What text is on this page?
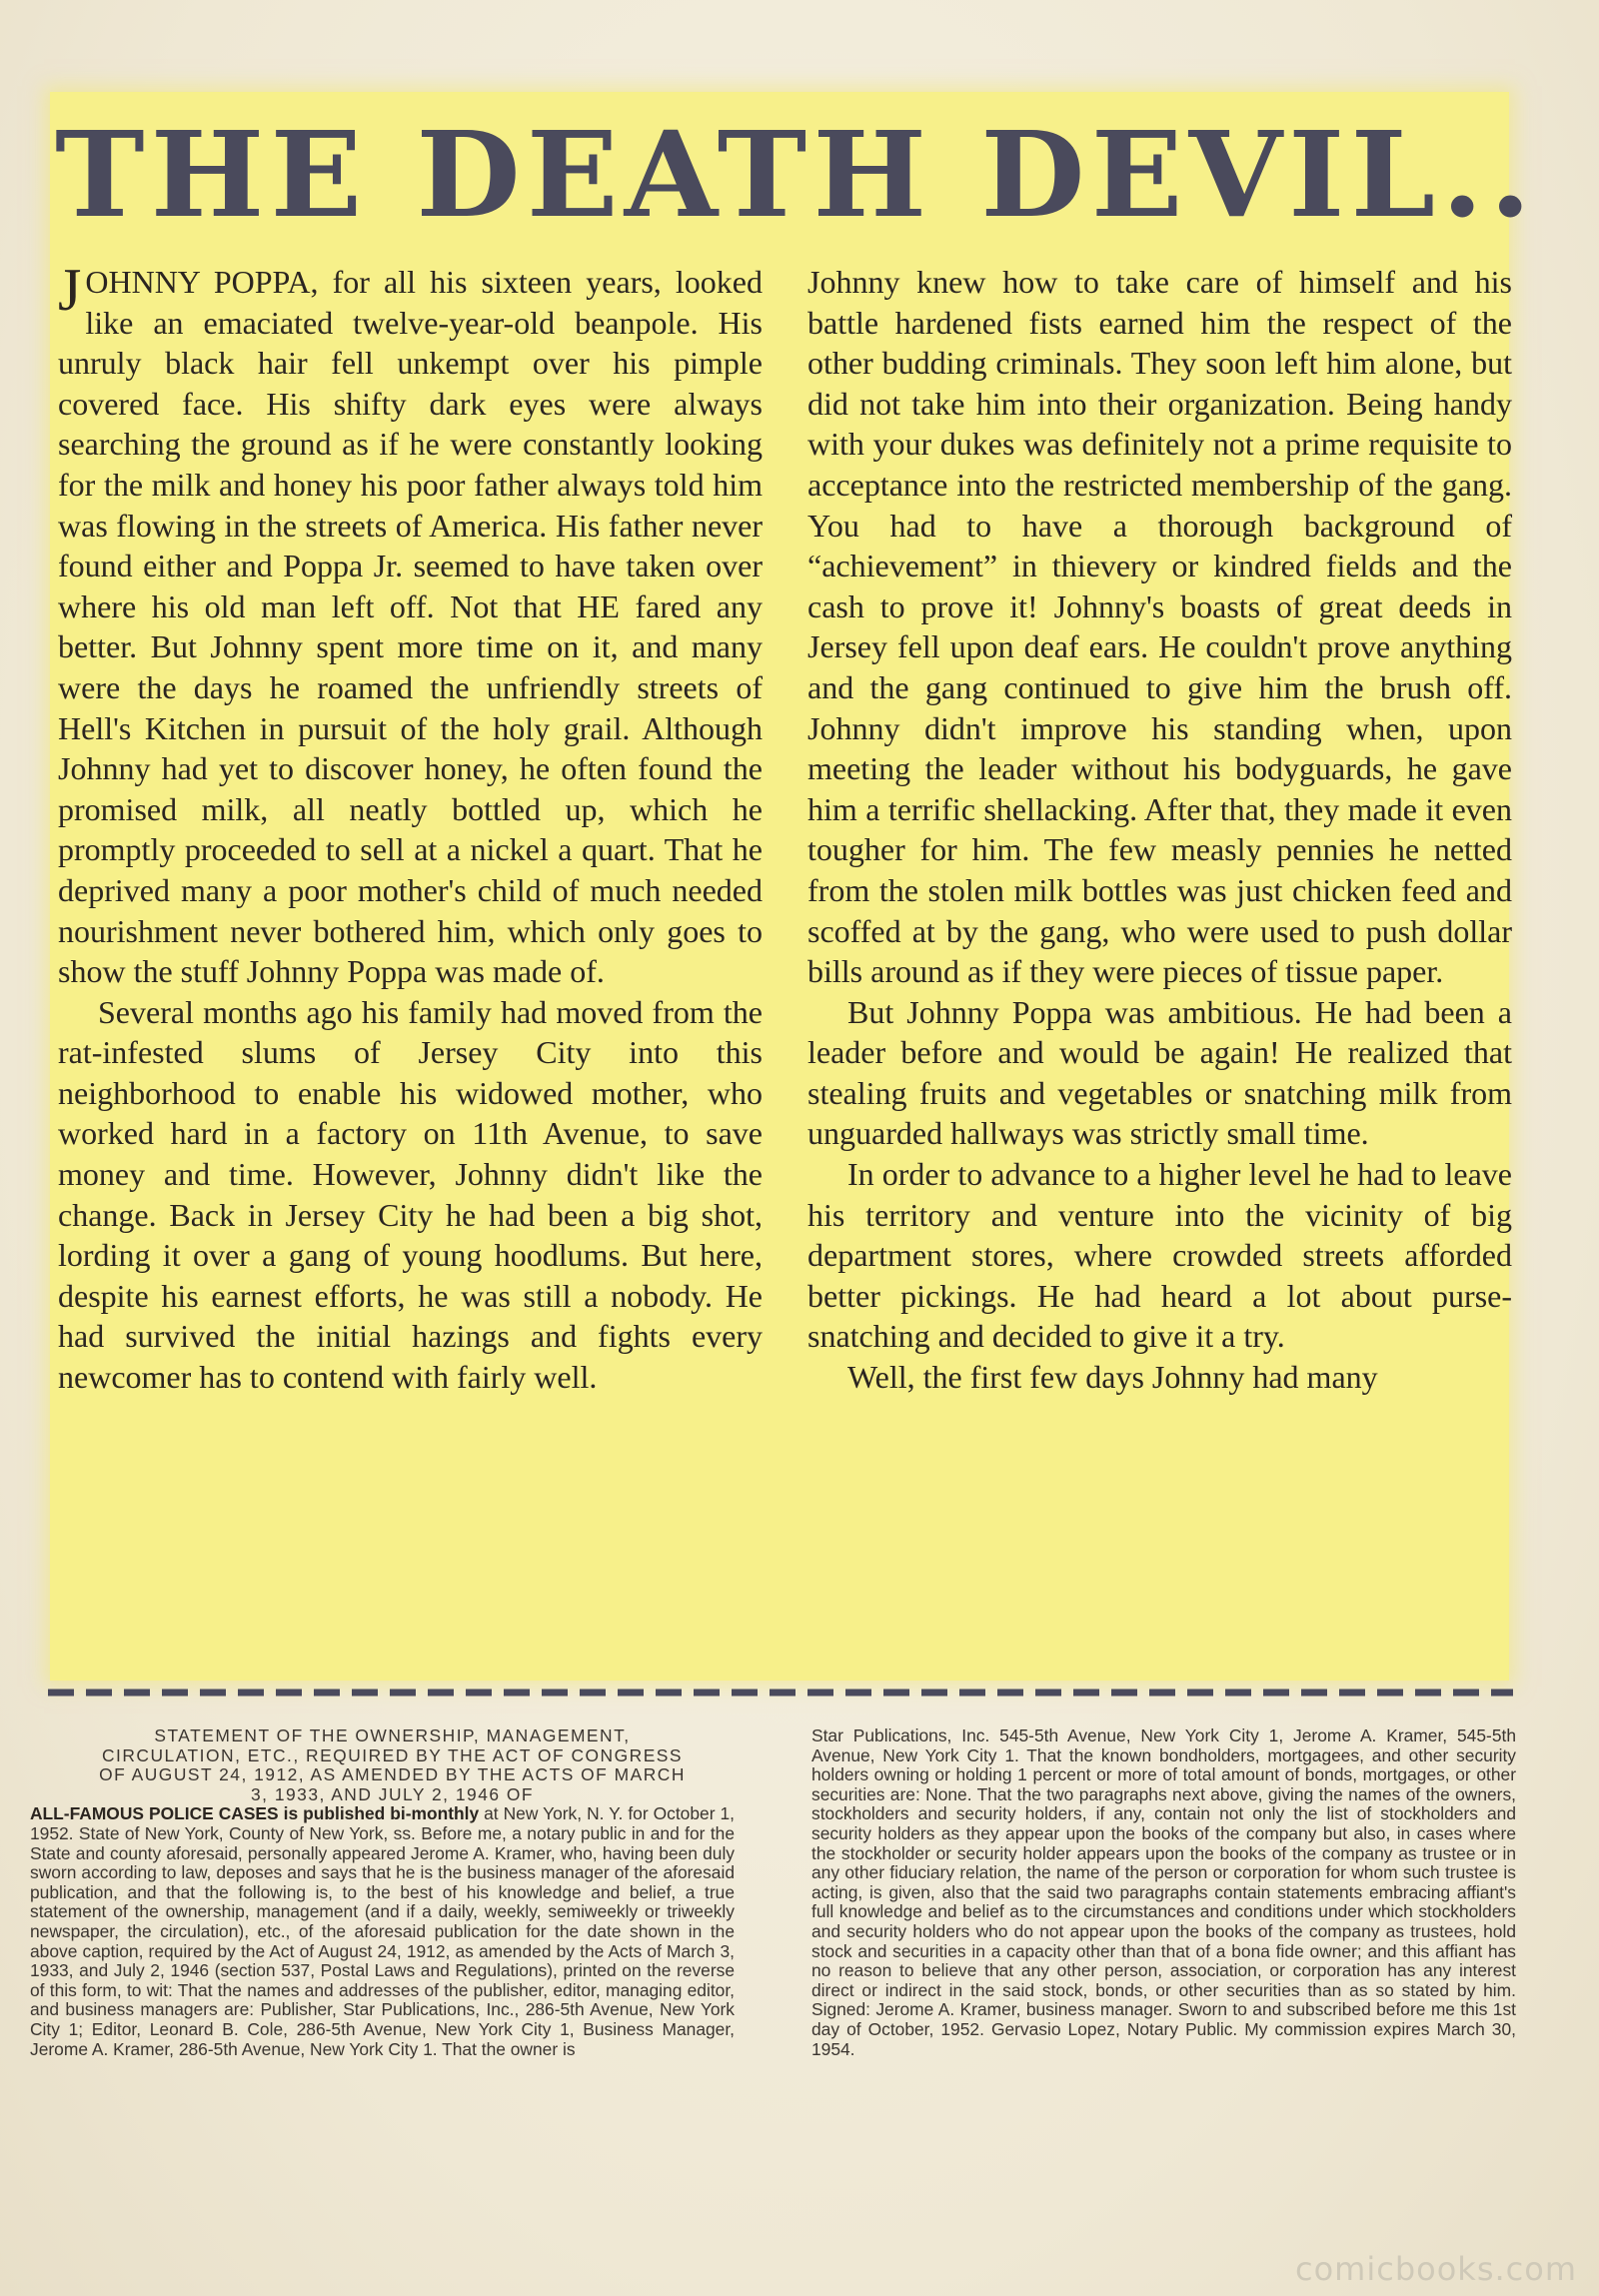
THE DEATH DEVIL..

JOHNNY POPPA, for all his sixteen years, looked like an emaciated twelve-year-old beanpole. His unruly black hair fell unkempt over his pimple covered face. His shifty dark eyes were always searching the ground as if he were constantly looking for the milk and honey his poor father always told him was flowing in the streets of America. His father never found either and Poppa Jr. seemed to have taken over where his old man left off. Not that HE fared any better. But Johnny spent more time on it, and many were the days he roamed the unfriendly streets of Hell's Kitchen in pursuit of the holy grail. Although Johnny had yet to discover honey, he often found the promised milk, all neatly bottled up, which he promptly proceeded to sell at a nickel a quart. That he deprived many a poor mother's child of much needed nourishment never bothered him, which only goes to show the stuff Johnny Poppa was made of.

Several months ago his family had moved from the rat-infested slums of Jersey City into this neighborhood to enable his widowed mother, who worked hard in a factory on 11th Avenue, to save money and time. However, Johnny didn't like the change. Back in Jersey City he had been a big shot, lording it over a gang of young hoodlums. But here, despite his earnest efforts, he was still a nobody. He had survived the initial hazings and fights every newcomer has to contend with fairly well.

Johnny knew how to take care of himself and his battle hardened fists earned him the respect of the other budding criminals. They soon left him alone, but did not take him into their organization. Being handy with your dukes was definitely not a prime requisite to acceptance into the restricted membership of the gang. You had to have a thorough background of “achievement” in thievery or kindred fields and the cash to prove it! Johnny's boasts of great deeds in Jersey fell upon deaf ears. He couldn't prove anything and the gang continued to give him the brush off. Johnny didn't improve his standing when, upon meeting the leader without his bodyguards, he gave him a terrific shellacking. After that, they made it even tougher for him. The few measly pennies he netted from the stolen milk bottles was just chicken feed and scoffed at by the gang, who were used to push dollar bills around as if they were pieces of tissue paper.

But Johnny Poppa was ambitious. He had been a leader before and would be again! He realized that stealing fruits and vegetables or snatching milk from unguarded hallways was strictly small time.

In order to advance to a higher level he had to leave his territory and venture into the vicinity of big department stores, where crowded streets afforded better pickings. He had heard a lot about purse-snatching and decided to give it a try.

Well, the first few days Johnny had many

STATEMENT OF THE OWNERSHIP, MANAGEMENT, CIRCULATION, ETC., REQUIRED BY THE ACT OF CONGRESS OF AUGUST 24, 1912, AS AMENDED BY THE ACTS OF MARCH 3, 1933, AND JULY 2, 1946 OF

ALL-FAMOUS POLICE CASES is published bi-monthly at New York, N. Y. for October 1, 1952. State of New York, County of New York, ss. Before me, a notary public in and for the State and county aforesaid, personally appeared Jerome A. Kramer, who, having been duly sworn according to law, deposes and says that he is the business manager of the aforesaid publication, and that the following is, to the best of his knowledge and belief, a true statement of the ownership, management (and if a daily, weekly, semiweekly or triweekly newspaper, the circulation), etc., of the aforesaid publication for the date shown in the above caption, required by the Act of August 24, 1912, as amended by the Acts of March 3, 1933, and July 2, 1946 (section 537, Postal Laws and Regulations), printed on the reverse of this form, to wit: That the names and addresses of the publisher, editor, managing editor, and business managers are: Publisher, Star Publications, Inc., 286-5th Avenue, New York City 1; Editor, Leonard B. Cole, 286-5th Avenue, New York City 1, Business Manager, Jerome A. Kramer, 286-5th Avenue, New York City 1. That the owner is

Star Publications, Inc. 545-5th Avenue, New York City 1, Jerome A. Kramer, 545-5th Avenue, New York City 1. That the known bondholders, mortgagees, and other security holders owning or holding 1 percent or more of total amount of bonds, mortgages, or other securities are: None. That the two paragraphs next above, giving the names of the owners, stockholders and security holders, if any, contain not only the list of stockholders and security holders as they appear upon the books of the company but also, in cases where the stockholder or security holder appears upon the books of the company as trustee or in any other fiduciary relation, the name of the person or corporation for whom such trustee is acting, is given, also that the said two paragraphs contain statements embracing affiant's full knowledge and belief as to the circumstances and conditions under which stockholders and security holders who do not appear upon the books of the company as trustees, hold stock and securities in a capacity other than that of a bona fide owner; and this affiant has no reason to believe that any other person, association, or corporation has any interest direct or indirect in the said stock, bonds, or other securities than as so stated by him. Signed: Jerome A. Kramer, business manager. Sworn to and subscribed before me this 1st day of October, 1952. Gervasio Lopez, Notary Public. My commission expires March 30, 1954.

comicbooks.com
